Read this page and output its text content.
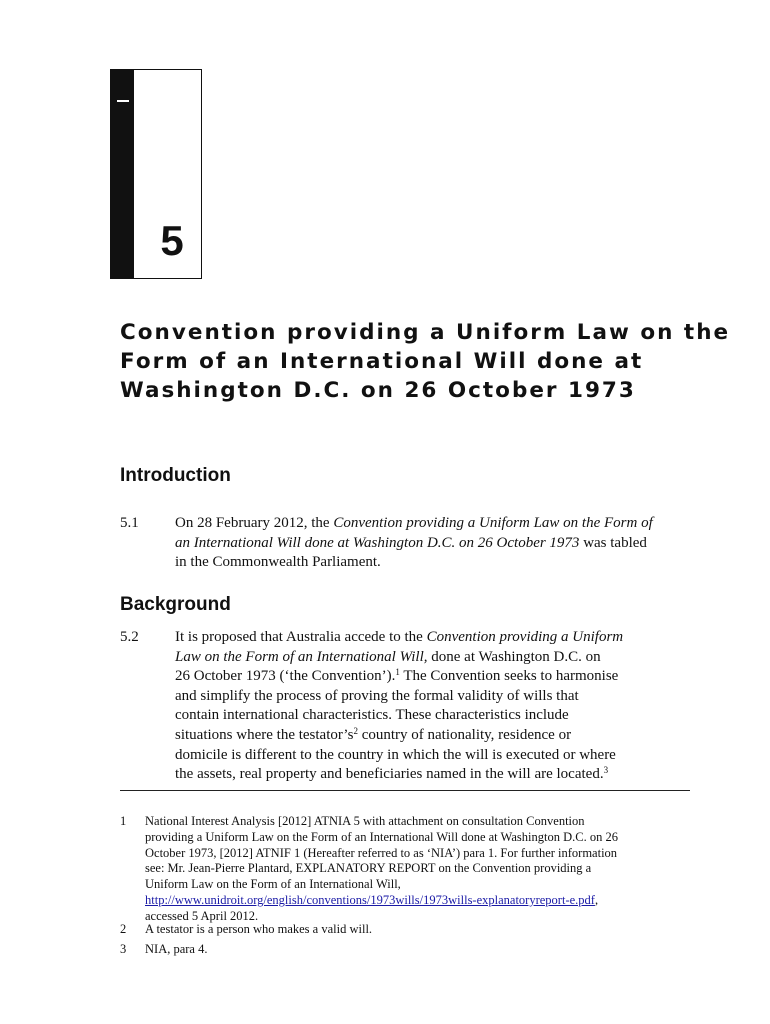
5
Convention providing a Uniform Law on the
Form of an International Will done at
Washington D.C. on 26 October 1973
Introduction
5.1 On 28 February 2012, the Convention providing a Uniform Law on the Form of
an International Will done at Washington D.C. on 26 October 1973 was tabled
in the Commonwealth Parliament.
Background
5.2 It is proposed that Australia accede to the Convention providing a Uniform
Law on the Form of an International Will, done at Washington D.C. on
26 October 1973 (‘the Convention’).$^1$ The Convention seeks to harmonise
and simplify the process of proving the formal validity of wills that
contain international characteristics. These characteristics include
situations where the $testator’s^2$ country of nationality, residence or
domicile is different to the country in which the will is executed or where
the assets, real property and beneficiaries named in the will are located.$^3$
1 National Interest Analysis [2012] ATNIA 5 with attachment on consultation Convention
providing a Uniform Law on the Form of an International Will done at Washington D.C. on 26
October 1973, [2012] ATNIF 1 (Hereafter referred to as ‘NIA’) para 1. For further information
see: Mr. Jean-Pierre Plantard, EXPLANATORY REPORT on the Convention providing a
Uniform Law on the Form of an International Will,
http://www.unidroit.org/english/conventions/1973wills/1973wills-explanatoryreport-e.pdf,
accessed 5 April 2012.
2 A testator is a person who makes a valid will.
3 NIA, para 4.
